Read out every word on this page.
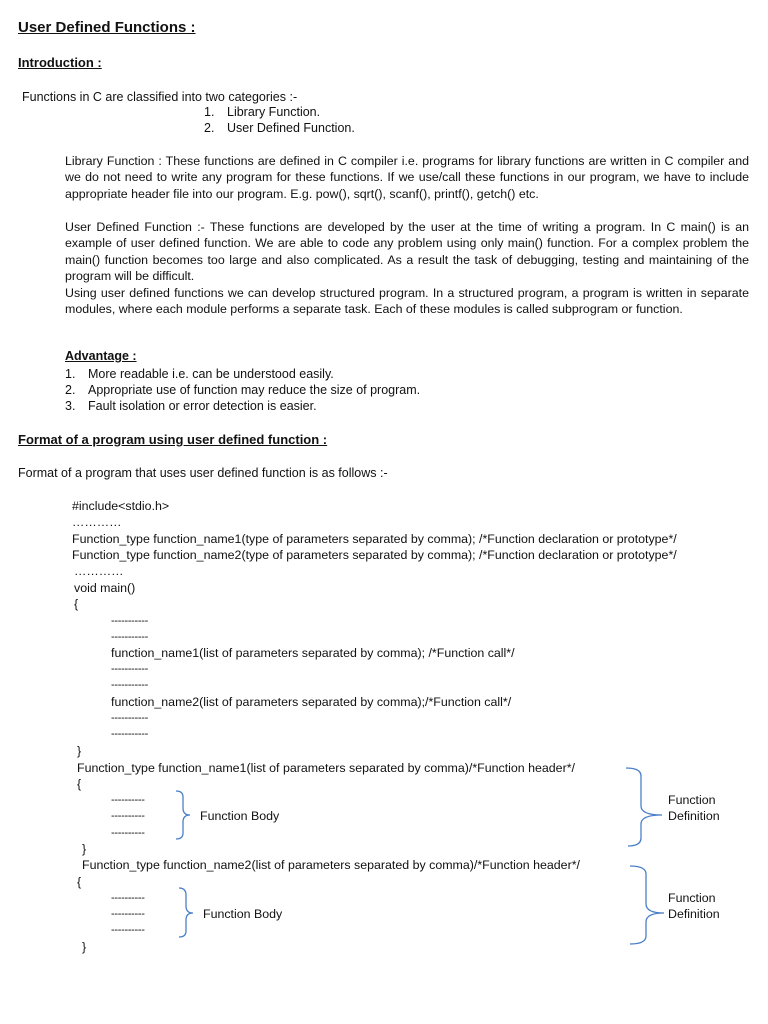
User Defined Functions :
Introduction :
Functions in C are classified into two categories :-
1. Library Function.
2. User Defined Function.
Library Function : These functions are defined in C compiler i.e. programs for library functions are written in C compiler and we do not need to write any program for these functions. If we use/call these functions in our program, we have to include appropriate header file into our program. E.g. pow(), sqrt(), scanf(), printf(), getch() etc.
User Defined Function :- These functions are developed by the user at the time of writing a program. In C main() is an example of user defined function. We are able to code any problem using only main() function. For a complex problem the main() function becomes too large and also complicated. As a result the task of debugging, testing and maintaining of the program will be difficult.
Using user defined functions we can develop structured program. In a structured program, a program is written in separate modules, where each module performs a separate task. Each of these modules is called subprogram or function.
Advantage :
1. More readable i.e. can be understood easily.
2. Appropriate use of function may reduce the size of program.
3. Fault isolation or error detection is easier.
Format of a program using user defined function :
Format of a program that uses user defined function is as follows :-
#include<stdio.h>
…………
Function_type function_name1(type of parameters separated by comma); /*Function declaration or prototype*/
Function_type function_name2(type of parameters separated by comma); /*Function declaration or prototype*/
…………
void main()
{
-----------
-----------
function_name1(list of parameters separated by comma); /*Function call*/
-----------
-----------
function_name2(list of parameters separated by comma);/*Function call*/
-----------
-----------
}
Function_type function_name1(list of parameters separated by comma)/*Function header*/
{
----------
----------
----------
Function Body
}
Function
Definition
Function_type function_name2(list of parameters separated by comma)/*Function header*/
{
----------
----------
----------
Function Body
}
Function
Definition
